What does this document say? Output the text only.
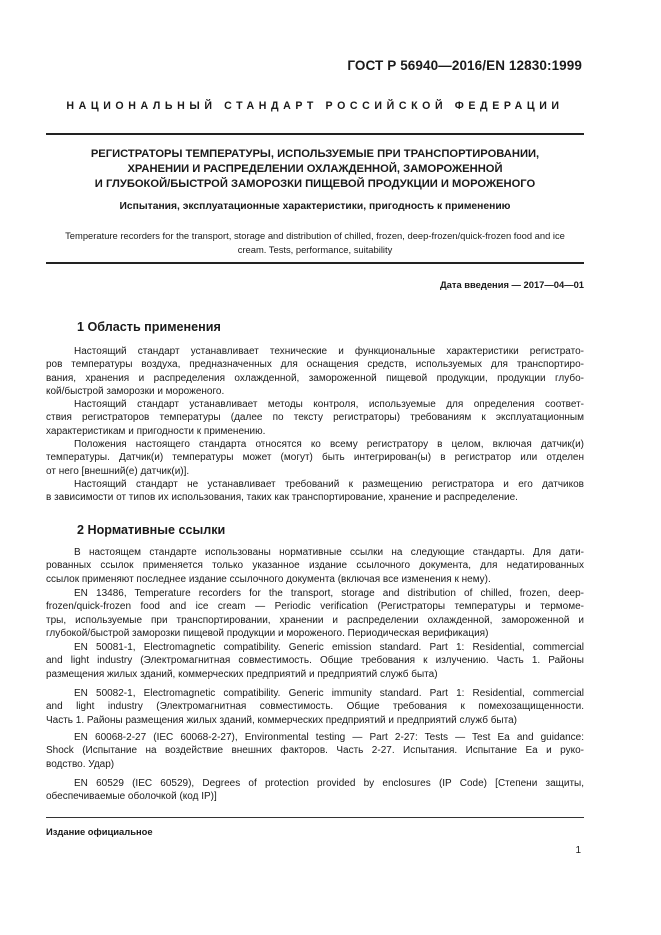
ГОСТ Р 56940—2016/EN 12830:1999
НАЦИОНАЛЬНЫЙ СТАНДАРТ РОССИЙСКОЙ ФЕДЕРАЦИИ
РЕГИСТРАТОРЫ ТЕМПЕРАТУРЫ, ИСПОЛЬЗУЕМЫЕ ПРИ ТРАНСПОРТИРОВАНИИ,
ХРАНЕНИИ И РАСПРЕДЕЛЕНИИ ОХЛАЖДЕННОЙ, ЗАМОРОЖЕННОЙ
И ГЛУБОКОЙ/БЫСТРОЙ ЗАМОРОЗКИ ПИЩЕВОЙ ПРОДУКЦИИ И МОРОЖЕНОГО
Испытания, эксплуатационные характеристики, пригодность к применению
Temperature recorders for the transport, storage and distribution of chilled, frozen, deep-frozen/quick-frozen food and ice
cream. Tests, performance, suitability
Дата введения — 2017—04—01
1 Область применения
Настоящий стандарт устанавливает технические и функциональные характеристики регистрато-
ров температуры воздуха, предназначенных для оснащения средств, используемых для транспортиро-
вания, хранения и распределения охлажденной, замороженной пищевой продукции, продукции глубо-
кой/быстрой заморозки и мороженого.
Настоящий стандарт устанавливает методы контроля, используемые для определения соответ-
ствия регистраторов температуры (далее по тексту регистраторы) требованиям к эксплуатационным
характеристикам и пригодности к применению.
Положения настоящего стандарта относятся ко всему регистратору в целом, включая датчик(и)
температуры. Датчик(и) температуры может (могут) быть интегрирован(ы) в регистратор или отделен
от него [внешний(е) датчик(и)].
Настоящий стандарт не устанавливает требований к размещению регистратора и его датчиков
в зависимости от типов их использования, таких как транспортирование, хранение и распределение.
2 Нормативные ссылки
В настоящем стандарте использованы нормативные ссылки на следующие стандарты. Для дати-
рованных ссылок применяется только указанное издание ссылочного документа, для недатированных
ссылок применяют последнее издание ссылочного документа (включая все изменения к нему).
EN 13486, Temperature recorders for the transport, storage and distribution of chilled, frozen, deep-
frozen/quick-frozen food and ice cream — Periodic verification (Регистраторы температуры и термоме-
тры, используемые при транспортировании, хранении и распределении охлажденной, замороженной и
глубокой/быстрой заморозки пищевой продукции и мороженого. Периодическая верификация)
EN 50081-1, Electromagnetic compatibility. Generic emission standard. Part 1: Residential, commercial
and light industry (Электромагнитная совместимость. Общие требования к излучению. Часть 1. Районы
размещения жилых зданий, коммерческих предприятий и предприятий служб быта)
EN 50082-1, Electromagnetic compatibility. Generic immunity standard. Part 1: Residential, commercial
and light industry (Электромагнитная совместимость. Общие требования к помехозащищенности.
Часть 1. Районы размещения жилых зданий, коммерческих предприятий и предприятий служб быта)
EN 60068-2-27 (IEC 60068-2-27), Environmental testing — Part 2-27: Tests — Test Ea and guidance:
Shock (Испытание на воздействие внешних факторов. Часть 2-27. Испытания. Испытание Ea и руко-
водство. Удар)
EN 60529 (IEC 60529), Degrees of protection provided by enclosures (IP Code) [Степени защиты,
обеспечиваемые оболочкой (код IP)]
Издание официальное
1
